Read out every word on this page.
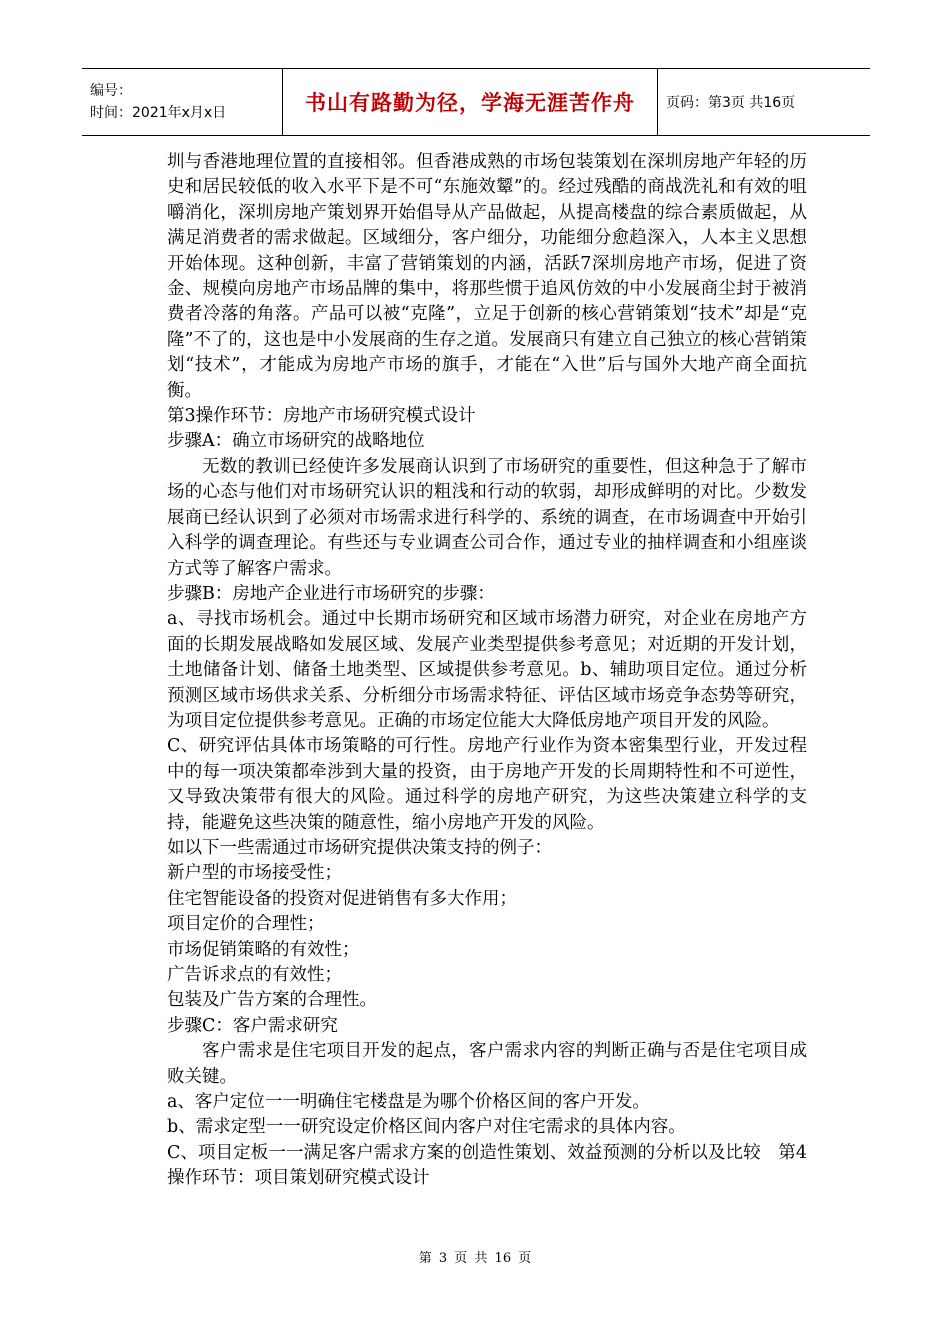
编号：
时间：2021年x月x日	书山有路勤为径，学海无涯苦作舟 页码：第3页 共16页

圳与香港地理位置的直接相邻。但香港成熟的市场包装策划在深圳房地产年轻的历史和居民较低的收入水平下是不可“东施效颦”的。经过残酷的商战洗礼和有效的咀嚼消化，深圳房地产策划界开始倡导从产品做起，从提高楼盘的综合素质做起，从满足消费者的需求做起。区域细分，客户细分，功能细分愈趋深入，人本主义思想开始体现。这种创新，丰富了营销策划的内涵，活跃7深圳房地产市场，促进了资金、规模向房地产市场品牌的集中，将那些惯于追风仿效的中小发展商尘封于被消费者冷落的角落。产品可以被“克隆”，立足于创新的核心营销策划“技术”却是“克隆”不了的，这也是中小发展商的生存之道。发展商只有建立自己独立的核心营销策划“技术”，才能成为房地产市场的旗手，才能在“入世”后与国外大地产商全面抗衡。

第3操作环节：房地产市场研究模式设计

步骤A：确立市场研究的战略地位

无数的教训已经使许多发展商认识到了市场研究的重要性，但这种急于了解市场的心态与他们对市场研究认识的粗浅和行动的软弱，却形成鲜明的对比。少数发展商已经认识到了必须对市场需求进行科学的、系统的调查，在市场调查中开始引入科学的调查理论。有些还与专业调查公司合作，通过专业的抽样调查和小组座谈方式等了解客户需求。

步骤B：房地产企业进行市场研究的步骤：

a、寻找市场机会。通过中长期市场研究和区域市场潜力研究，对企业在房地产方面的长期发展战略如发展区域、发展产业类型提供参考意见；对近期的开发计划，土地储备计划、储备土地类型、区域提供参考意见。b、辅助项目定位。通过分析预测区域市场供求关系、分析细分市场需求特征、评估区域市场竞争态势等研究，为项目定位提供参考意见。正确的市场定位能大大降低房地产项目开发的风险。

C、研究评估具体市场策略的可行性。房地产行业作为资本密集型行业，开发过程中的每一项决策都牵涉到大量的投资，由于房地产开发的长周期特性和不可逆性，又导致决策带有很大的风险。通过科学的房地产研究，为这些决策建立科学的支持，能避免这些决策的随意性，缩小房地产开发的风险。

如以下一些需通过市场研究提供决策支持的例子：

新户型的市场接受性；

住宅智能设备的投资对促进销售有多大作用；

项目定价的合理性；

市场促销策略的有效性；

广告诉求点的有效性；

包装及广告方案的合理性。

步骤C：客户需求研究

客户需求是住宅项目开发的起点，客户需求内容的判断正确与否是住宅项目成败关键。

a、客户定位一一明确住宅楼盘是为哪个价格区间的客户开发。

b、需求定型一一研究设定价格区间内客户对住宅需求的具体内容。

C、项目定板一一满足客户需求方案的创造性策划、效益预测的分析以及比较　第4操作环节：项目策划研究模式设计

第 3 页 共 16 页
